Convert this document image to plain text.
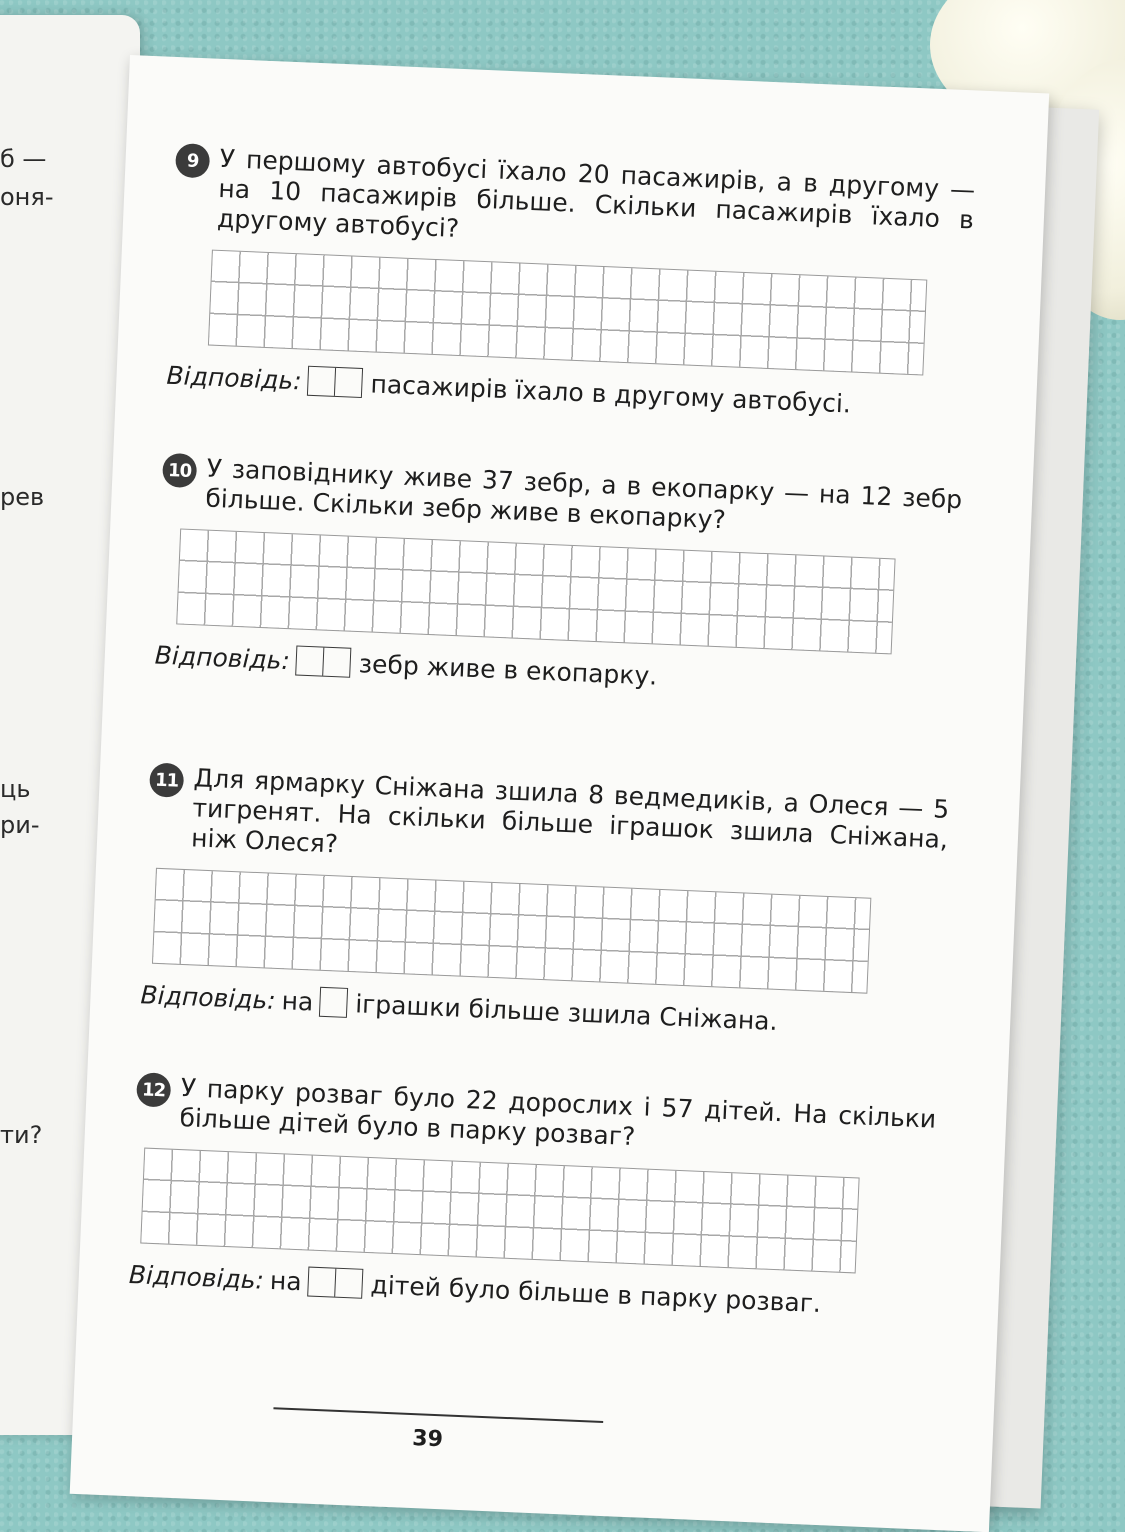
б —
оня-
рев
ць
ри-
ти?
9 У першому автобусі їхало 20 пасажирів, а в другому — на 10 пасажирів більше. Скільки пасажирів їхало в другому автобусі?
Відповідь:	пасажирів їхало в другому автобусі.
10 У заповіднику живе 37 зебр, а в екопарку — на 12 зебр більше. Скільки зебр живе в екопарку?
Відповідь:	зебр живе в екопарку.
11 Для ярмарку Сніжана зшила 8 ведмедиків, а Олеся — 5 тигренят. На скільки більше іграшок зшила Сніжана, ніж Олеся?
Відповідь: на іграшки більше зшила Сніжана.
12 У парку розваг було 22 дорослих і 57 дітей. На скільки більше дітей було в парку розваг?
Відповідь: на	дітей було більше в парку розваг.
39
